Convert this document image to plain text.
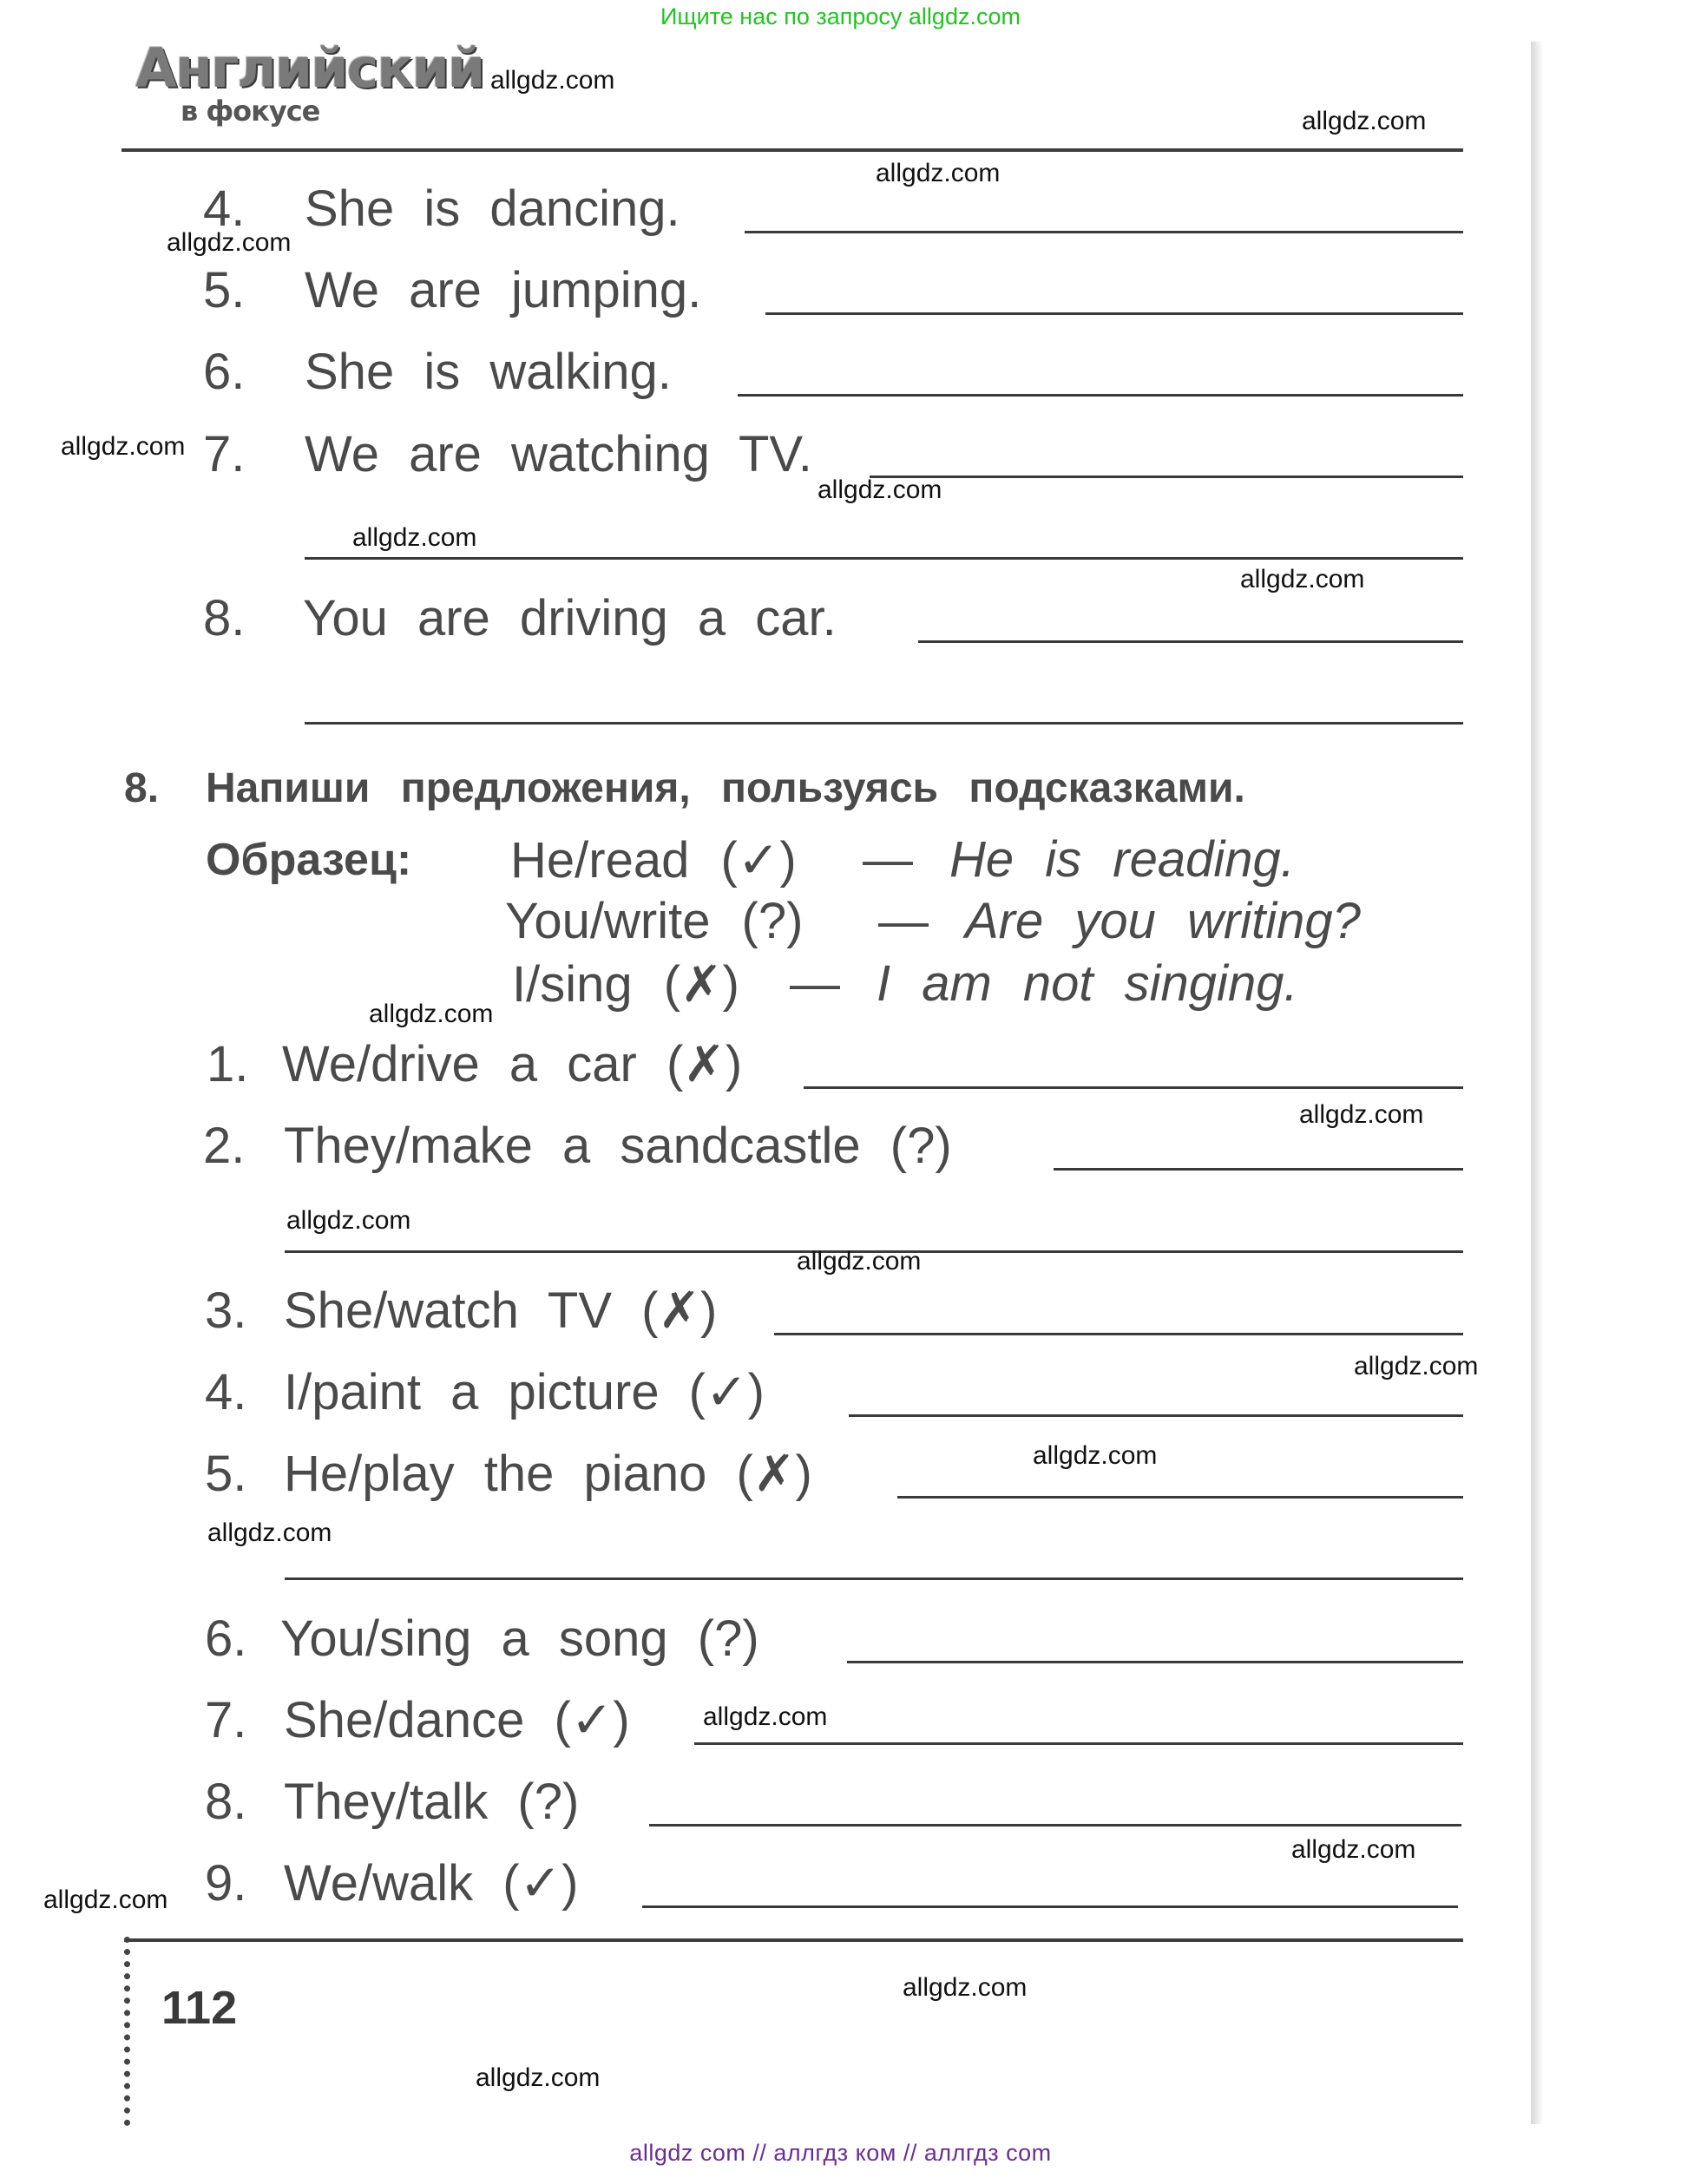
Ищите нас по запросу allgdz.com
allgdz com // аллгдз ком // аллгдз com
Английский
в фокусе
4. She is dancing.
5. We are jumping.
6. She is walking.
7. We are watching TV.
8. You are driving a car.
8. Напиши предложения, пользуясь подсказками.
Образец: He/read (✓) — He is reading.
You/write (?) — Are you writing?
I/sing (✗) — I am not singing.
1. We/drive a car (✗)
2. They/make a sandcastle (?)
3. She/watch TV (✗)
4. I/paint a picture (✓)
5. He/play the piano (✗)
6. You/sing a song (?)
7. She/dance (✓)
8. They/talk (?)
9. We/walk (✓)
112
allgdz.com
allgdz.com
allgdz.com
allgdz.com
allgdz.com
allgdz.com
allgdz.com
allgdz.com
allgdz.com
allgdz.com
allgdz.com
allgdz.com
allgdz.com
allgdz.com
allgdz.com
allgdz.com
allgdz.com
allgdz.com
allgdz.com
allgdz.com
allgdz.com
allgdz.com
